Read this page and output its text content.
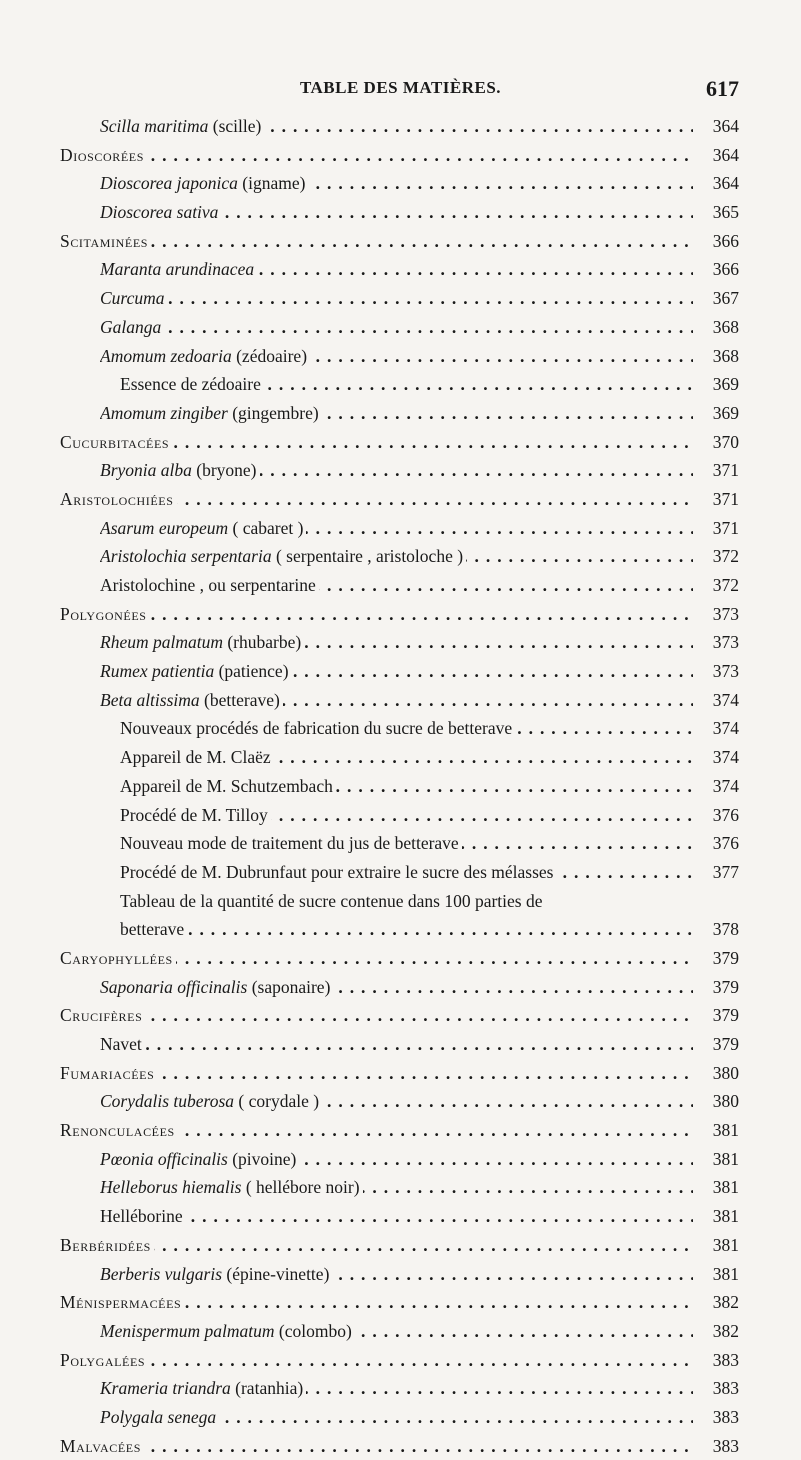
TABLE DES MATIÈRES.	617
Scilla maritima (scille) . . .	364
Dioscorées . . .	364
Dioscorea japonica (igname) . . .	364
Dioscorea sativa . . .	365
Scitaminées . . .	366
Maranta arundinacea . . .	366
Curcuma . . .	367
Galanga . . .	368
Amomum zedoaria (zédoaire) . . .	368
Essence de zédoaire . . .	369
Amomum zingiber (gingembre) . . .	369
Cucurbitacées . . .	370
Bryonia alba (bryone) . . .	371
Aristolochiées . . .	371
Asarum europeum ( cabaret ) . . .	371
Aristolochia serpentaria ( serpentaire , aristoloche ) . . .	372
Aristolochine , ou serpentarine . . .	372
Polygonées . . .	373
Rheum palmatum (rhubarbe) . . .	373
Rumex patientia (patience) . . .	373
Beta altissima (betterave) . . .	374
Nouveaux procédés de fabrication du sucre de betterave . . .	374
Appareil de M. Claëz . . .	374
Appareil de M. Schutzembach . . .	374
Procédé de M. Tilloy . . .	376
Nouveau mode de traitement du jus de betterave . . .	376
Procédé de M. Dubrunfaut pour extraire le sucre des mélasses . . .	377
Tableau de la quantité de sucre contenue dans 100 parties de
betterave . . .	378
Caryophyllées . . .	379
Saponaria officinalis (saponaire) . . .	379
Crucifères . . .	379
Navet . . .	379
Fumariacées . . .	380
Corydalis tuberosa ( corydale ) . . .	380
Renonculacées . . .	381
Pœonia officinalis (pivoine) . . .	381
Helleborus hiemalis ( hellébore noir) . . .	381
Helléborine . . .	381
Berbéridées . . .	381
Berberis vulgaris (épine-vinette) . . .	381
Ménispermacées . . .	382
Menispermum palmatum (colombo) . . .	382
Polygalées . . .	383
Krameria triandra (ratanhia) . . .	383
Polygala senega . . .	383
Malvacées . . .	383
